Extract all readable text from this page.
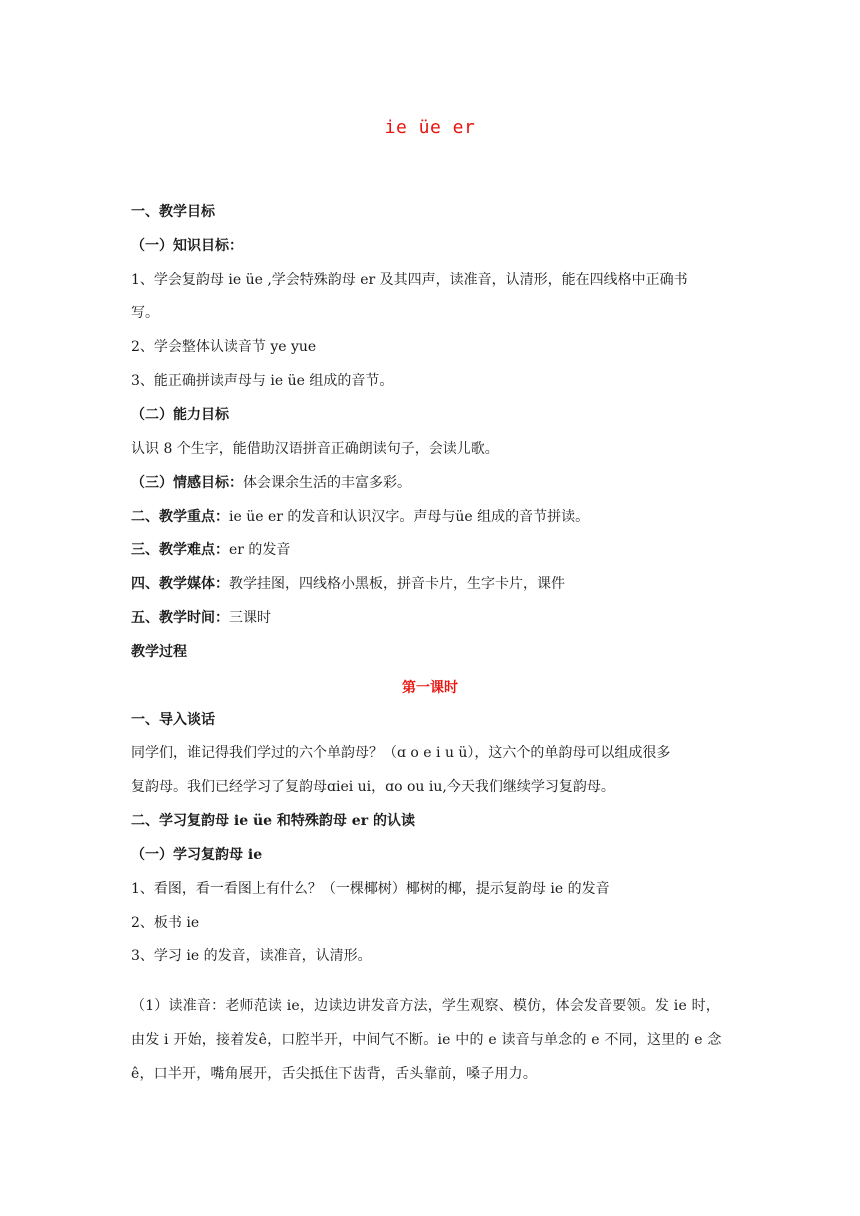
ie üe er
一、教学目标
（一）知识目标：
1、学会复韵母 ie üe ,学会特殊韵母 er 及其四声，读准音，认清形，能在四线格中正确书
写。
2、学会整体认读音节 ye yue
3、能正确拼读声母与 ie üe 组成的音节。
（二）能力目标
认识 8 个生字，能借助汉语拼音正确朗读句子，会读儿歌。
（三）情感目标：体会课余生活的丰富多彩。
二、教学重点：ie üe er 的发音和认识汉字。声母与üe 组成的音节拼读。
三、教学难点：er 的发音
四、教学媒体：教学挂图，四线格小黑板，拼音卡片，生字卡片，课件
五、教学时间：三课时
教学过程
第一课时
一、导入谈话
同学们，谁记得我们学过的六个单韵母？（ɑ o e i u ü），这六个的单韵母可以组成很多
复韵母。我们已经学习了复韵母ɑiei ui，ɑo ou iu,今天我们继续学习复韵母。
二、学习复韵母 ie üe 和特殊韵母 er 的认读
（一）学习复韵母 ie
1、看图，看一看图上有什么？（一棵椰树）椰树的椰，提示复韵母 ie 的发音
2、板书 ie
3、学习 ie 的发音，读准音，认清形。
（1）读准音：老师范读 ie，边读边讲发音方法，学生观察、模仿，体会发音要领。发 ie 时，由发 i 开始，接着发ê，口腔半开，中间气不断。ie 中的 e 读音与单念的 e 不同，这里的 e 念ê，口半开，嘴角展开，舌尖抵住下齿背，舌头靠前，嗓子用力。
